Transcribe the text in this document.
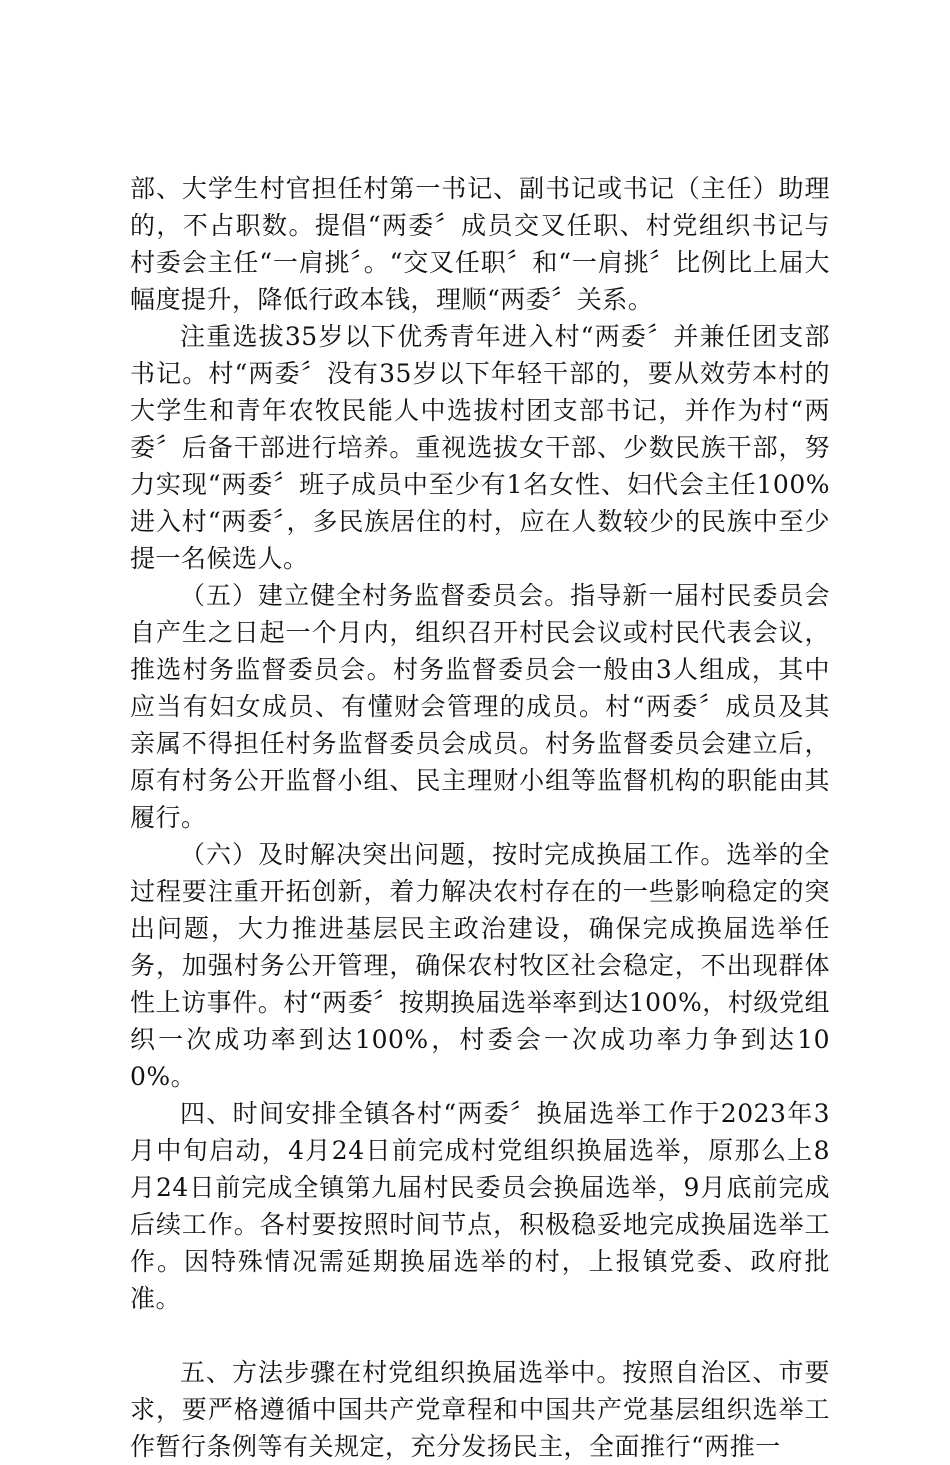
部、大学生村官担任村第一书记、副书记或书记（主任）助理的，不占职数。提倡“两委〞成员交叉任职、村党组织书记与村委会主任“一肩挑〞。“交叉任职〞和“一肩挑〞比例比上届大幅度提升，降低行政本钱，理顺“两委〞关系。

注重选拔35岁以下优秀青年进入村“两委〞并兼任团支部书记。村“两委〞没有35岁以下年轻干部的，要从效劳本村的大学生和青年农牧民能人中选拔村团支部书记，并作为村“两委〞后备干部进行培养。重视选拔女干部、少数民族干部，努力实现“两委〞班子成员中至少有1名女性、妇代会主任100%进入村“两委〞，多民族居住的村，应在人数较少的民族中至少提一名候选人。

（五）建立健全村务监督委员会。指导新一届村民委员会自产生之日起一个月内，组织召开村民会议或村民代表会议，推选村务监督委员会。村务监督委员会一般由3人组成，其中应当有妇女成员、有懂财会管理的成员。村“两委〞成员及其亲属不得担任村务监督委员会成员。村务监督委员会建立后，原有村务公开监督小组、民主理财小组等监督机构的职能由其履行。

（六）及时解决突出问题，按时完成换届工作。选举的全过程要注重开拓创新，着力解决农村存在的一些影响稳定的突出问题，大力推进基层民主政治建设，确保完成换届选举任务，加强村务公开管理，确保农村牧区社会稳定，不出现群体性上访事件。村“两委〞按期换届选举率到达100%，村级党组织一次成功率到达100%，村委会一次成功率力争到达100%。

四、时间安排全镇各村“两委〞换届选举工作于2023年3月中旬启动，4月24日前完成村党组织换届选举，原那么上8月24日前完成全镇第九届村民委员会换届选举，9月底前完成后续工作。各村要按照时间节点，积极稳妥地完成换届选举工作。因特殊情况需延期换届选举的村，上报镇党委、政府批准。

五、方法步骤在村党组织换届选举中。按照自治区、市要求，要严格遵循中国共产党章程和中国共产党基层组织选举工作暂行条例等有关规定，充分发扬民主，全面推行“两推一
